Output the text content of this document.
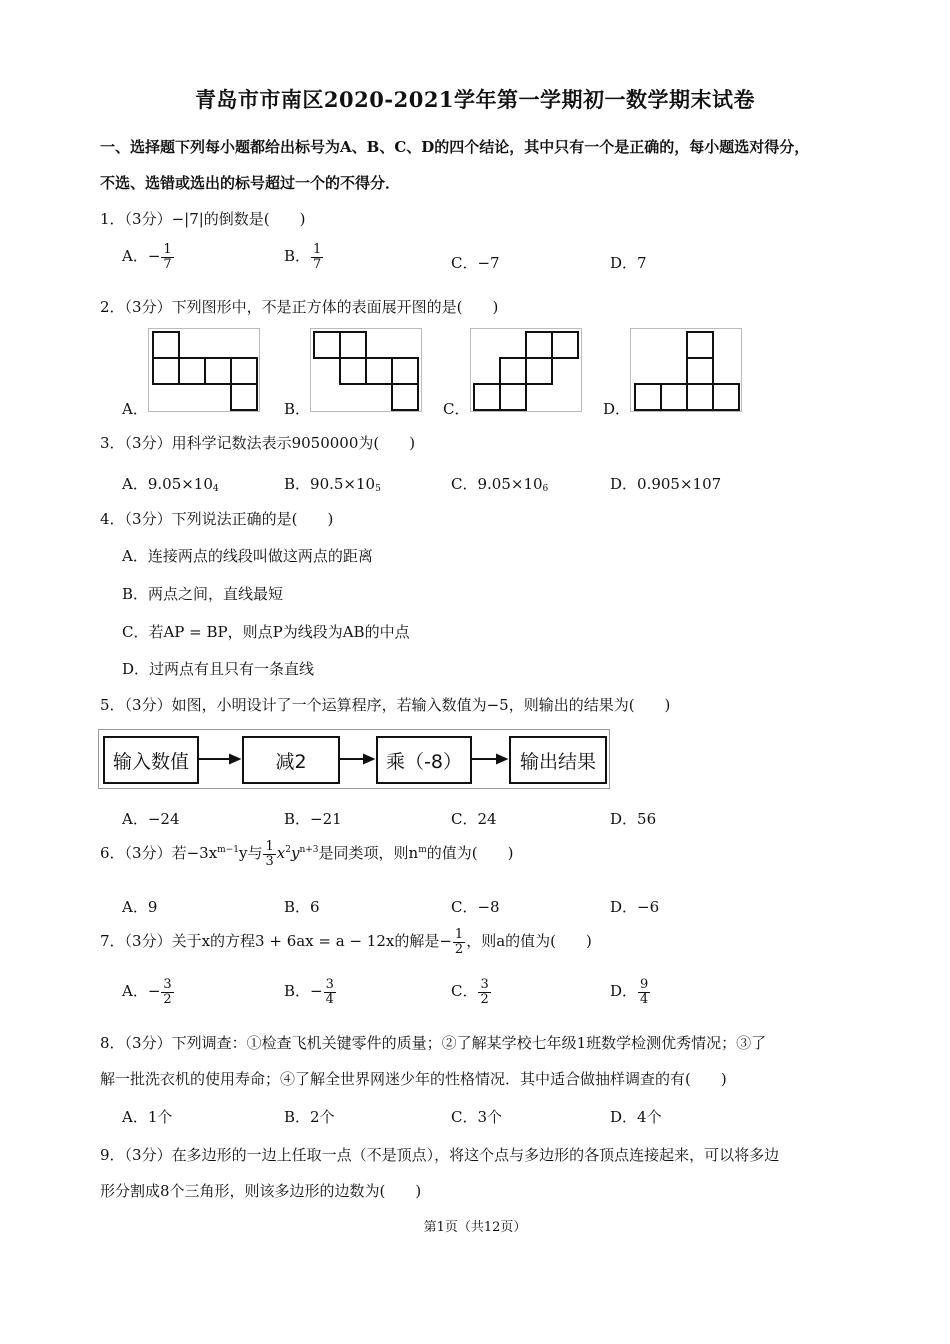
青岛市市南区2020-2021学年第一学期初一数学期末试卷
一、选择题下列每小题都给出标号为A、B、C、D的四个结论，其中只有一个是正确的，每小题选对得分，
不选、选错或选出的标号超过一个的不得分．
1．（3分）−|7|的倒数是(　　)
A．− $\frac{1}{7}$	B． $\frac{1}{7}$	C．−7	D．7
2．（3分）下列图形中，不是正方体的表面展开图的是(　　)
A．	B．	C．	D．
3．（3分）用科学记数法表示9050000为(　　)
A．$9.05\times 10_4$	B．$90.5\times 10_5$	C．$9.05\times 10_6$	D．0.905×107
4．（3分）下列说法正确的是(　　)
A．连接两点的线段叫做这两点的距离
B．两点之间，直线最短
C．若AP = BP，则点P为线段为AB的中点
D．过两点有且只有一条直线
5．（3分）如图，小明设计了一个运算程序，若输入数值为−5，则输出的结果为(　　)
输入数值	减2	乘（-8）	输出结果
A．−24	B．−21	C．24	D．56
6．（3分）若$-3x^{m-1}y$与 $\frac{1}{3} x^2y^{n+3}$是同类项，则$n^m$的值为(　　)
A．9	B．6	C．−8	D．−6
7．（3分）关于x的方程3 + 6ax = a − 12x的解是− $\frac{1}{2}$ ，则a的值为(　　)
A．− $\frac{3}{2}$	B．− $\frac{3}{4}$	C． $\frac{3}{2}$	D． $\frac{9}{4}$
8．（3分）下列调查：①检查飞机关键零件的质量；②了解某学校七年级1班数学检测优秀情况；③了
解一批洗衣机的使用寿命；④了解全世界网迷少年的性格情况．其中适合做抽样调查的有(　　)
A．1个	B．2个	C．3个	D．4个
9．（3分）在多边形的一边上任取一点（不是顶点），将这个点与多边形的各顶点连接起来，可以将多边
形分割成8个三角形，则该多边形的边数为(　　)
第1页（共12页）
